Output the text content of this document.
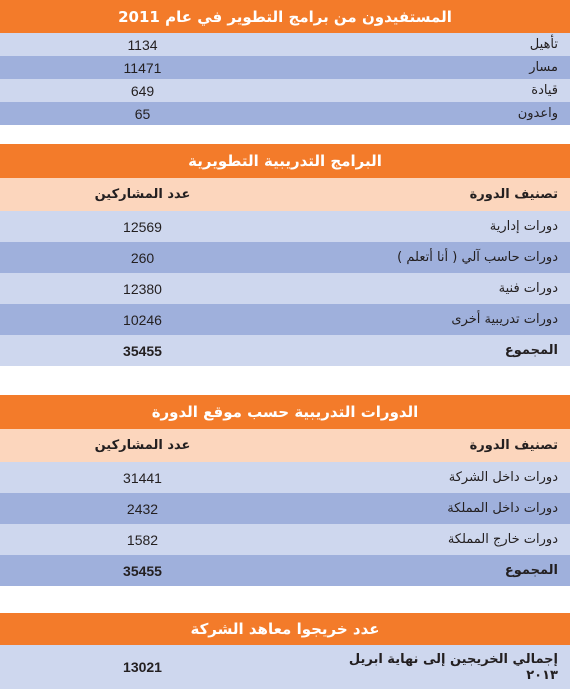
المستفيدون من برامج التطوير في عام 2011
تأهيل
1134
مسار
11471
قيادة
649
واعدون
65
البرامج التدريبية التطويرية
تصنيف الدورة
عدد المشاركين
دورات إدارية
12569
دورات حاسب آلي ( أنا أتعلم )
260
دورات فنية
12380
دورات تدريبية أخرى
10246
المجموع
35455
الدورات التدريبية حسب موقع الدورة
تصنيف الدورة
عدد المشاركين
دورات داخل الشركة
31441
دورات داخل المملكة
2432
دورات خارج المملكة
1582
المجموع
35455
عدد خريجوا معاهد الشركة
إجمالي الخريجين إلى نهاية ابريل
٢٠١٣
13021
